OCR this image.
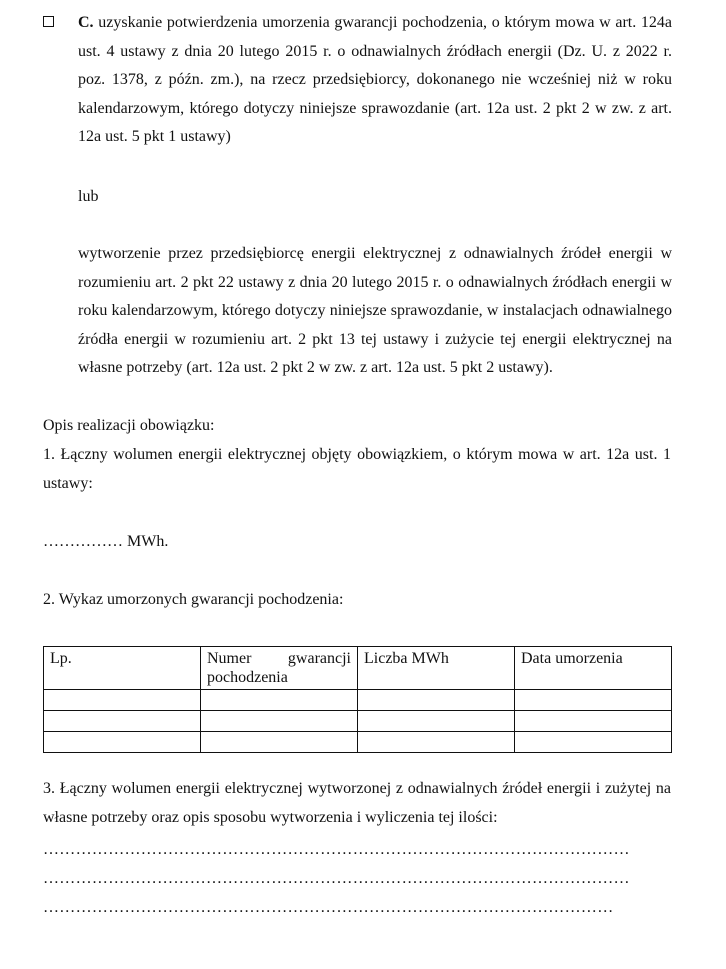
C. uzyskanie potwierdzenia umorzenia gwarancji pochodzenia, o którym mowa w art. 124a ust. 4 ustawy z dnia 20 lutego 2015 r. o odnawialnych źródłach energii (Dz. U. z 2022 r. poz. 1378, z późn. zm.), na rzecz przedsiębiorcy, dokonanego nie wcześniej niż w roku kalendarzowym, którego dotyczy niniejsze sprawozdanie (art. 12a ust. 2 pkt 2 w zw. z art. 12a ust. 5 pkt 1 ustawy)
lub
wytworzenie przez przedsiębiorcę energii elektrycznej z odnawialnych źródeł energii w rozumieniu art. 2 pkt 22 ustawy z dnia 20 lutego 2015 r. o odnawialnych źródłach energii w roku kalendarzowym, którego dotyczy niniejsze sprawozdanie, w instalacjach odnawialnego źródła energii w rozumieniu art. 2 pkt 13 tej ustawy i zużycie tej energii elektrycznej na własne potrzeby (art. 12a ust. 2 pkt 2 w zw. z art. 12a ust. 5 pkt 2 ustawy).
Opis realizacji obowiązku:
1. Łączny wolumen energii elektrycznej objęty obowiązkiem, o którym mowa w art. 12a ust. 1 ustawy:
…………… MWh.
2. Wykaz umorzonych gwarancji pochodzenia:
Lp.	Numer gwarancji pochodzenia	Liczba MWh	Data umorzenia

3. Łączny wolumen energii elektrycznej wytworzonej z odnawialnych źródeł energii i zużytej na własne potrzeby oraz opis sposobu wytworzenia i wyliczenia tej ilości:
………………………………………………………………………………………………
………………………………………………………………………………………………
……………………………………………………………………………………………
